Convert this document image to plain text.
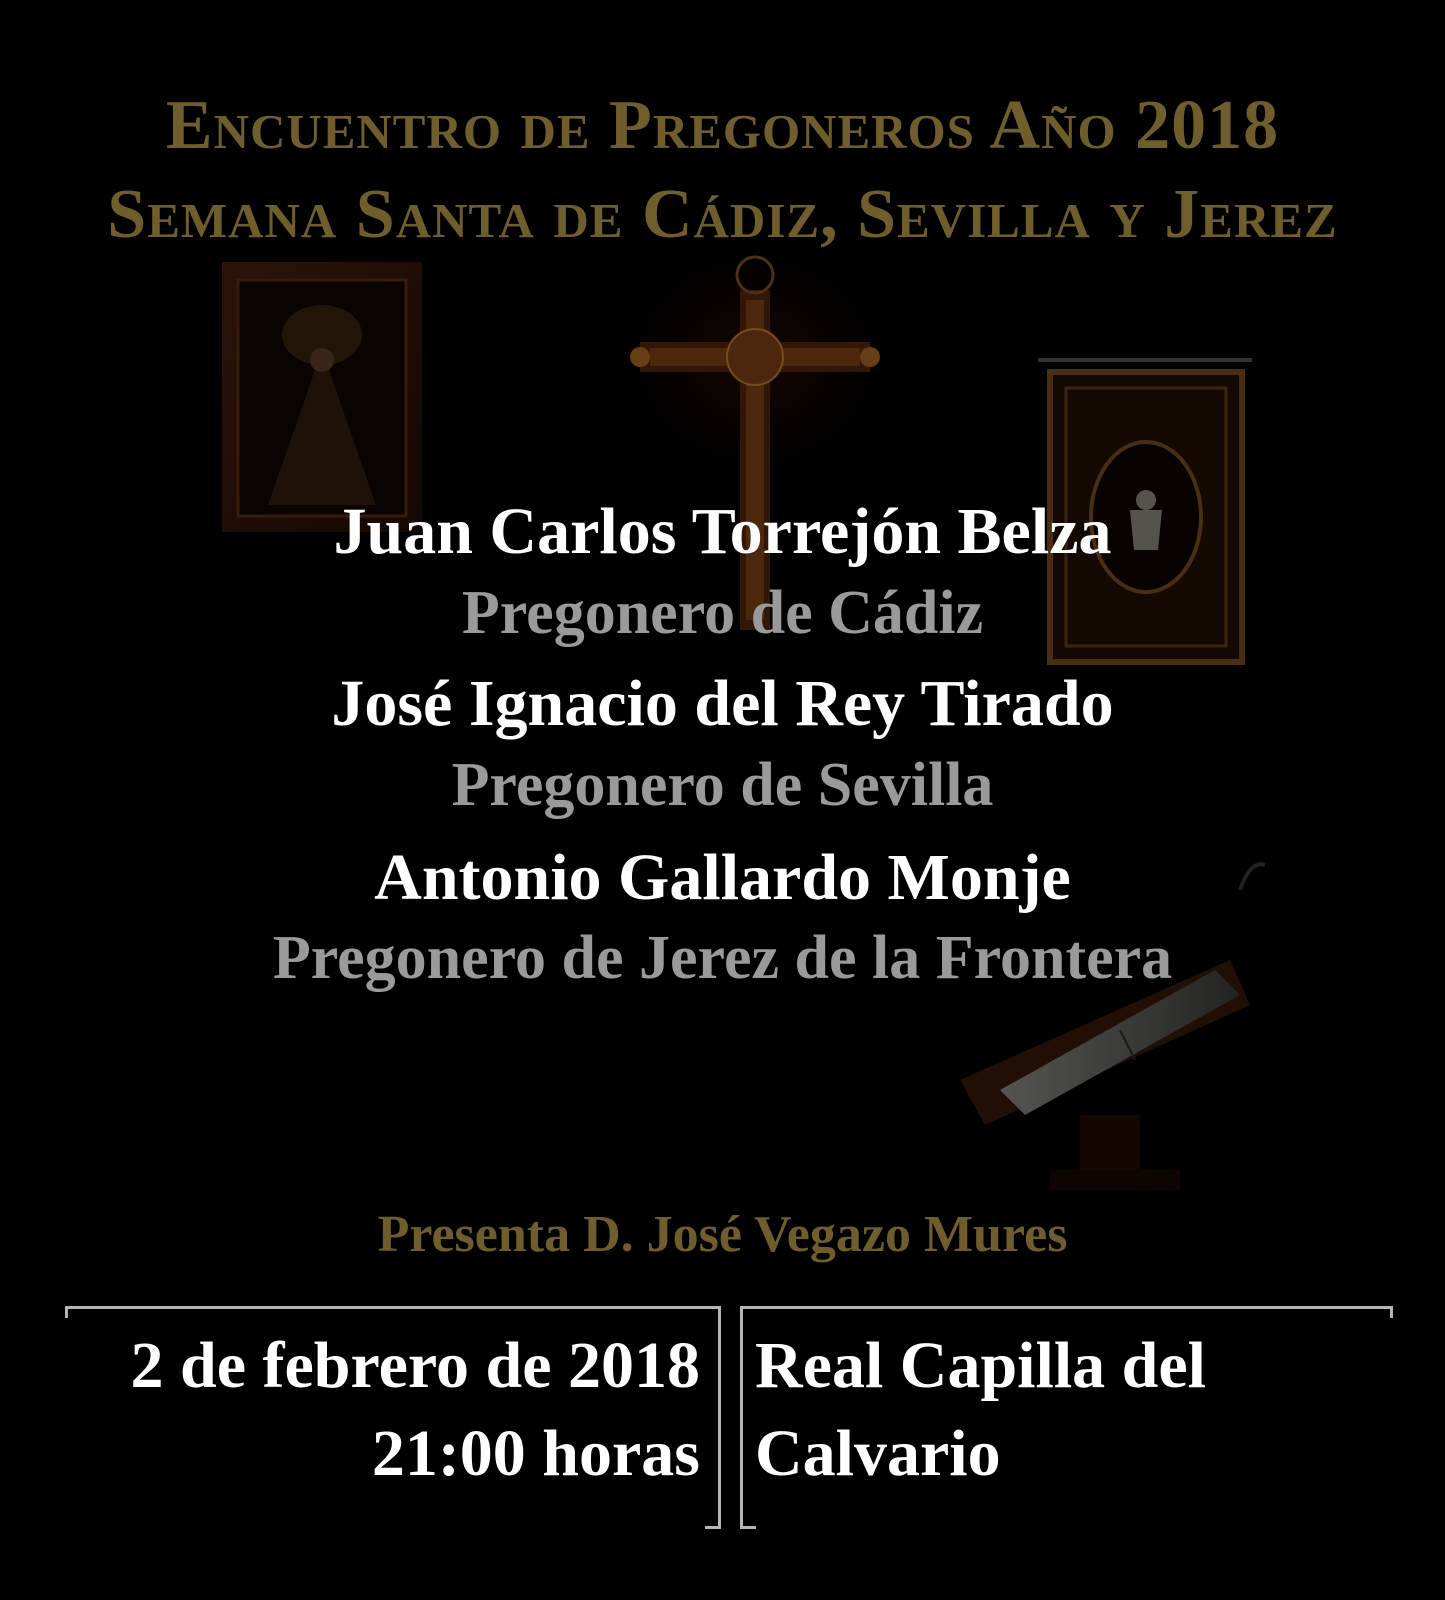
Encuentro de Pregoneros Año 2018
Semana Santa de Cádiz, Sevilla y Jerez
Juan Carlos Torrejón Belza
Pregonero de Cádiz
José Ignacio del Rey Tirado
Pregonero de Sevilla
Antonio Gallardo Monje
Pregonero de Jerez de la Frontera
Presenta D. José Vegazo Mures
2 de febrero de 2018
21:00 horas
Real Capilla del
Calvario
